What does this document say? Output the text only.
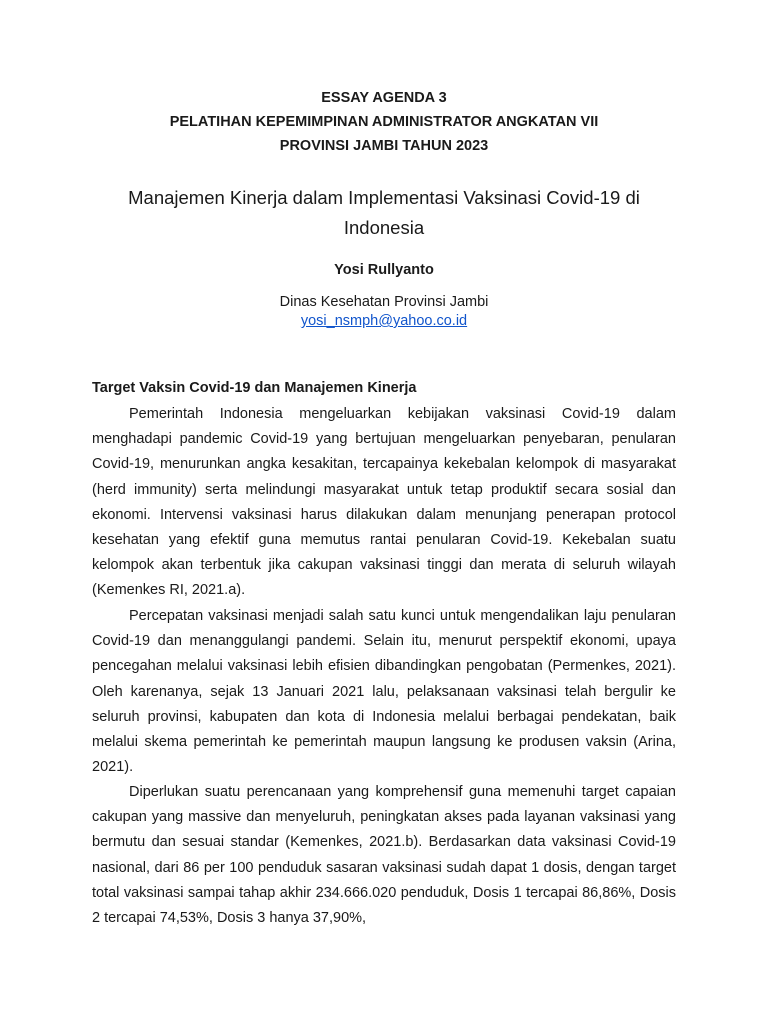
ESSAY AGENDA 3
PELATIHAN KEPEMIMPINAN ADMINISTRATOR ANGKATAN VII
PROVINSI JAMBI TAHUN 2023
Manajemen Kinerja dalam Implementasi Vaksinasi Covid-19 di Indonesia
Yosi Rullyanto
Dinas Kesehatan Provinsi Jambi
yosi_nsmph@yahoo.co.id
Target Vaksin Covid-19 dan Manajemen Kinerja

Pemerintah Indonesia mengeluarkan kebijakan vaksinasi Covid-19 dalam menghadapi pandemic Covid-19 yang bertujuan mengeluarkan penyebaran, penularan Covid-19, menurunkan angka kesakitan, tercapainya kekebalan kelompok di masyarakat (herd immunity) serta melindungi masyarakat untuk tetap produktif secara sosial dan ekonomi. Intervensi vaksinasi harus dilakukan dalam menunjang penerapan protocol kesehatan yang efektif guna memutus rantai penularan Covid-19. Kekebalan suatu kelompok akan terbentuk jika cakupan vaksinasi tinggi dan merata di seluruh wilayah (Kemenkes RI, 2021.a).

Percepatan vaksinasi menjadi salah satu kunci untuk mengendalikan laju penularan Covid-19 dan menanggulangi pandemi. Selain itu, menurut perspektif ekonomi, upaya pencegahan melalui vaksinasi lebih efisien dibandingkan pengobatan (Permenkes, 2021). Oleh karenanya, sejak 13 Januari 2021 lalu, pelaksanaan vaksinasi telah bergulir ke seluruh provinsi, kabupaten dan kota di Indonesia melalui berbagai pendekatan, baik melalui skema pemerintah ke pemerintah maupun langsung ke produsen vaksin (Arina, 2021).

Diperlukan suatu perencanaan yang komprehensif guna memenuhi target capaian cakupan yang massive dan menyeluruh, peningkatan akses pada layanan vaksinasi yang bermutu dan sesuai standar (Kemenkes, 2021.b). Berdasarkan data vaksinasi Covid-19 nasional, dari 86 per 100 penduduk sasaran vaksinasi sudah dapat 1 dosis, dengan target total vaksinasi sampai tahap akhir 234.666.020 penduduk, Dosis 1 tercapai 86,86%, Dosis 2 tercapai 74,53%, Dosis 3 hanya 37,90%,
